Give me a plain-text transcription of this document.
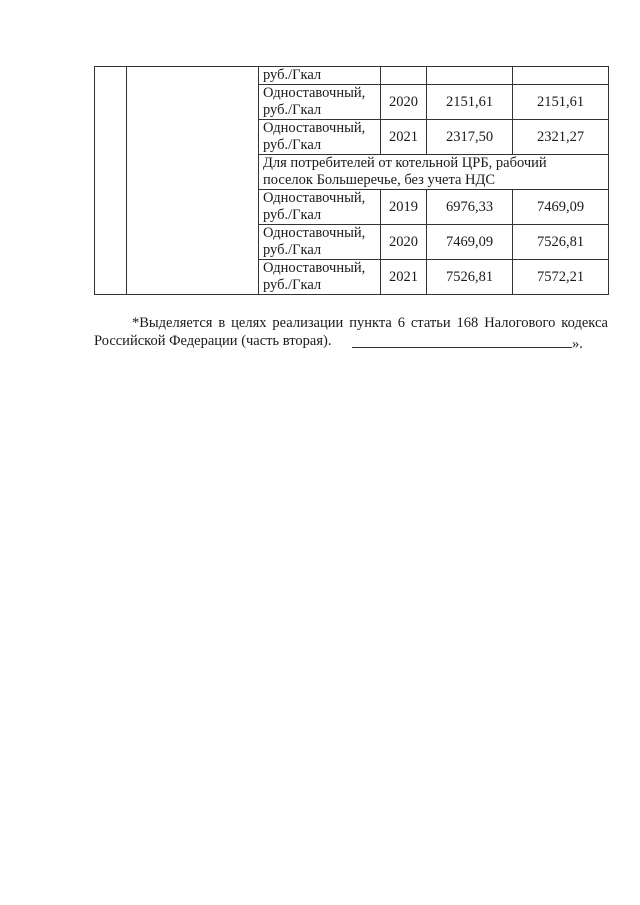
		руб./Гкал			
		Одноставочный,
руб./Гкал	2020	2151,61	2151,61
		Одноставочный,
руб./Гкал	2021	2317,50	2321,27
		Для потребителей от котельной ЦРБ, рабочий
поселок Большеречье, без учета НДС			
		Одноставочный,
руб./Гкал	2019	6976,33	7469,09
		Одноставочный,
руб./Гкал	2020	7469,09	7526,81
		Одноставочный,
руб./Гкал	2021	7526,81	7572,21

*Выделяется в целях реализации пункта 6 статьи 168 Налогового кодекса Российской Федерации (часть вторая).	».
